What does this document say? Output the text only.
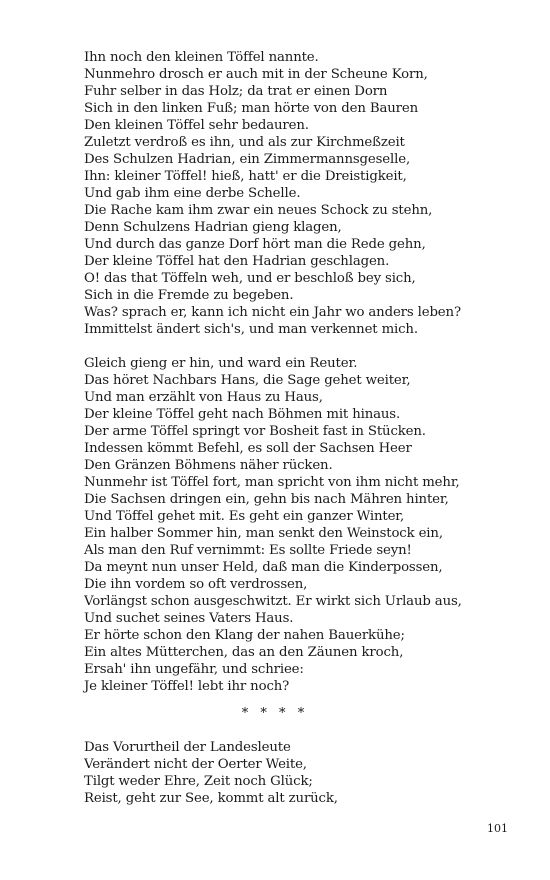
Ihn noch den kleinen Töffel nannte.
Nunmehro drosch er auch mit in der Scheune Korn,
Fuhr selber in das Holz; da trat er einen Dorn
Sich in den linken Fuß; man hörte von den Bauren
Den kleinen Töffel sehr bedauren.
Zuletzt verdroß es ihn, und als zur Kirchmeßzeit
Des Schulzen Hadrian, ein Zimmermannsgeselle,
Ihn: kleiner Töffel! hieß, hatt' er die Dreistigkeit,
Und gab ihm eine derbe Schelle.
Die Rache kam ihm zwar ein neues Schock zu stehn,
Denn Schulzens Hadrian gieng klagen,
Und durch das ganze Dorf hört man die Rede gehn,
Der kleine Töffel hat den Hadrian geschlagen.
O! das that Töffeln weh, und er beschloß bey sich,
Sich in die Fremde zu begeben.
Was? sprach er, kann ich nicht ein Jahr wo anders leben?
Immittelst ändert sich's, und man verkennet mich.
Gleich gieng er hin, und ward ein Reuter.
Das höret Nachbars Hans, die Sage gehet weiter,
Und man erzählt von Haus zu Haus,
Der kleine Töffel geht nach Böhmen mit hinaus.
Der arme Töffel springt vor Bosheit fast in Stücken.
Indessen kömmt Befehl, es soll der Sachsen Heer
Den Gränzen Böhmens näher rücken.
Nunmehr ist Töffel fort, man spricht von ihm nicht mehr,
Die Sachsen dringen ein, gehn bis nach Mähren hinter,
Und Töffel gehet mit. Es geht ein ganzer Winter,
Ein halber Sommer hin, man senkt den Weinstock ein,
Als man den Ruf vernimmt: Es sollte Friede seyn!
Da meynt nun unser Held, daß man die Kinderpossen,
Die ihn vordem so oft verdrossen,
Vorlängst schon ausgeschwitzt. Er wirkt sich Urlaub aus,
Und suchet seines Vaters Haus.
Er hörte schon den Klang der nahen Bauerkühe;
Ein altes Mütterchen, das an den Zäunen kroch,
Ersah' ihn ungefähr, und schriee:
Je kleiner Töffel! lebt ihr noch?
* * * *
Das Vorurtheil der Landesleute
Verändert nicht der Oerter Weite,
Tilgt weder Ehre, Zeit noch Glück;
Reist, geht zur See, kommt alt zurück,
101
